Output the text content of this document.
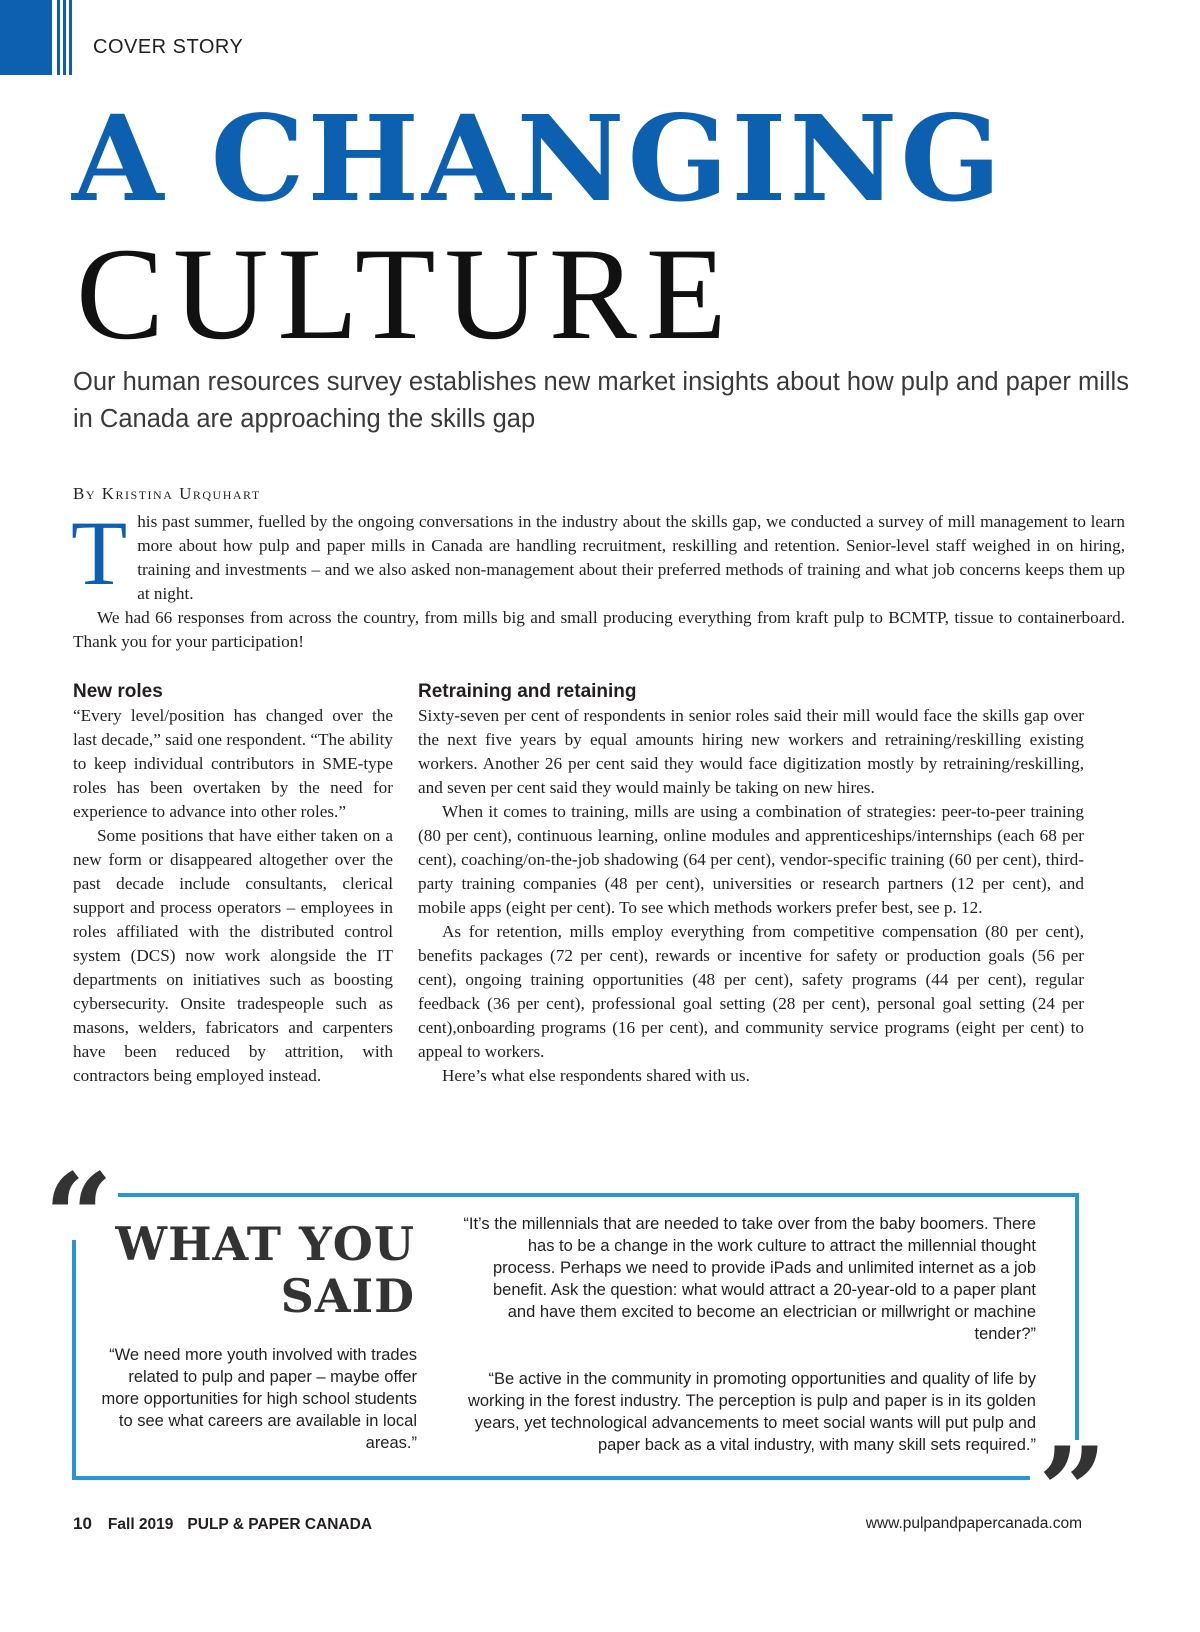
COVER STORY
A CHANGING
CULTURE
Our human resources survey establishes new market insights about how pulp and paper mills in Canada are approaching the skills gap
By Kristina Urquhart
T his past summer, fuelled by the ongoing conversations in the industry about the skills gap, we conducted a survey of mill management to learn more about how pulp and paper mills in Canada are handling recruitment, reskilling and retention. Senior-level staff weighed in on hiring, training and investments – and we also asked non-management about their preferred methods of training and what job concerns keeps them up at night.

We had 66 responses from across the country, from mills big and small producing everything from kraft pulp to BCMTP, tissue to containerboard. Thank you for your participation!

New roles

“Every level/position has changed over the last decade,” said one respondent. “The ability to keep individual contributors in SME-type roles has been overtaken by the need for experience to advance into other roles.”

Some positions that have either taken on a new form or disappeared altogether over the past decade include consultants, clerical support and process operators – employees in roles affiliated with the distributed control system (DCS) now work alongside the IT departments on initiatives such as boosting cybersecurity. Onsite tradespeople such as masons, welders, fabricators and carpenters have been reduced by attrition, with contractors being employed instead.

Retraining and retaining

Sixty-seven per cent of respondents in senior roles said their mill would face the skills gap over the next five years by equal amounts hiring new workers and retraining/reskilling existing workers. Another 26 per cent said they would face digitization mostly by retraining/reskilling, and seven per cent said they would mainly be taking on new hires.

When it comes to training, mills are using a combination of strategies: peer-to-peer training (80 per cent), continuous learning, online modules and apprenticeships/internships (each 68 per cent), coaching/on-the-job shadowing (64 per cent), vendor-specific training (60 per cent), third-party training companies (48 per cent), universities or research partners (12 per cent), and mobile apps (eight per cent). To see which methods workers prefer best, see p. 12.

As for retention, mills employ everything from competitive compensation (80 per cent), benefits packages (72 per cent), rewards or incentive for safety or production goals (56 per cent), ongoing training opportunities (48 per cent), safety programs (44 per cent), regular feedback (36 per cent), professional goal setting (28 per cent), personal goal setting (24 per cent),onboarding programs (16 per cent), and community service programs (eight per cent) to appeal to workers.

Here’s what else respondents shared with us.

“
”
WHAT YOU
SAID
“We need more youth involved with trades related to pulp and paper – maybe offer more opportunities for high school students to see what careers are available in local areas.”
“It’s the millennials that are needed to take over from the baby boomers. There has to be a change in the work culture to attract the millennial thought process. Perhaps we need to provide iPads and unlimited internet as a job benefit. Ask the question: what would attract a 20-year-old to a paper plant and have them excited to become an electrician or millwright or machine tender?”
“Be active in the community in promoting opportunities and quality of life by working in the forest industry. The perception is pulp and paper is in its golden years, yet technological advancements to meet social wants will put pulp and paper back as a vital industry, with many skill sets required.”
10 Fall 2019 PULP & PAPER CANADA	www.pulpandpapercanada.com
